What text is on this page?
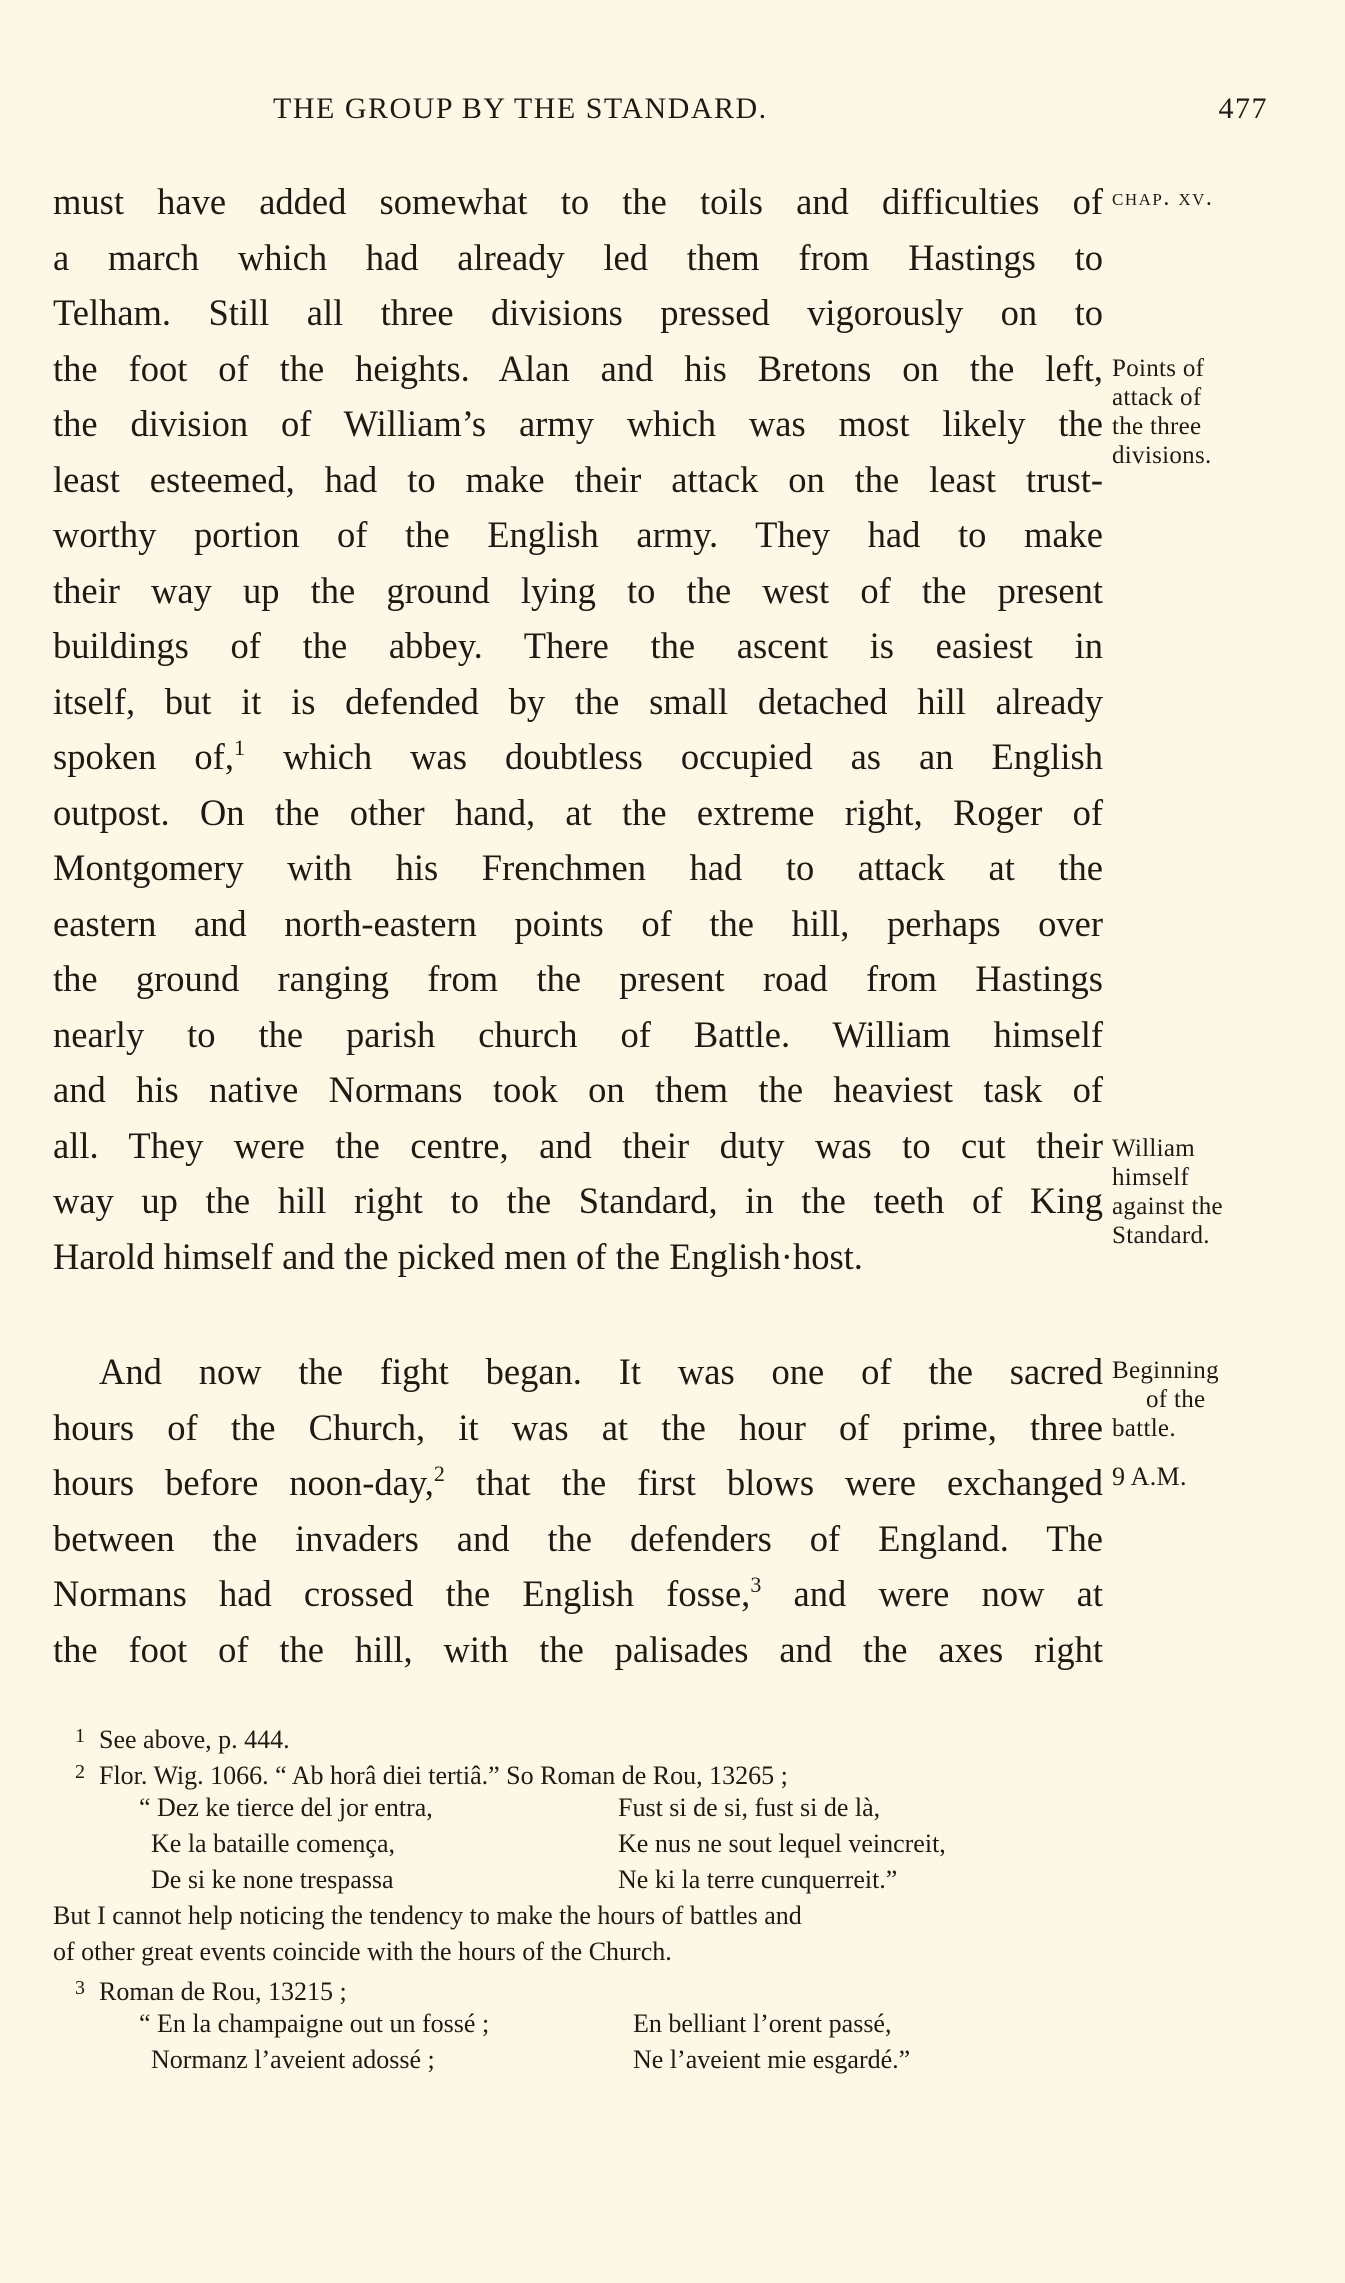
THE GROUP BY THE STANDARD.	477
must have added somewhat to the toils and difficulties of
a march which had already led them from Hastings to
Telham. Still all three divisions pressed vigorously on to
the foot of the heights. Alan and his Bretons on the left,
the division of William’s army which was most likely the
least esteemed, had to make their attack on the least trust-
worthy portion of the English army. They had to make
their way up the ground lying to the west of the present
buildings of the abbey. There the ascent is easiest in
itself, but it is defended by the small detached hill already
spoken of,$^1$ which was doubtless occupied as an English
outpost. On the other hand, at the extreme right, Roger of
Montgomery with his Frenchmen had to attack at the
eastern and north-eastern points of the hill, perhaps over
the ground ranging from the present road from Hastings
nearly to the parish church of Battle. William himself
and his native Normans took on them the heaviest task of
all. They were the centre, and their duty was to cut their
way up the hill right to the Standard, in the teeth of King
Harold himself and the picked men of the English·host.
And now the fight began. It was one of the sacred
hours of the Church, it was at the hour of prime, three
hours before noon-day,$^2$ that the first blows were exchanged
between the invaders and the defenders of England. The
Normans had crossed the English fosse,$^3$ and were now at
the foot of the hill, with the palisades and the axes right
chap. xv.
Points of
attack of
the three
divisions.
William
himself
against the
Standard.
Beginning
of the
battle.
9 A.M.
1 See above, p. 444.
2 Flor. Wig. 1066. “ Ab horâ diei tertiâ.” So Roman de Rou, 13265 ;
“ Dez ke tierce del jor entra,	Fust si de si, fust si de là,
Ke la bataille comença,	Ke nus ne sout lequel veincreit,
De si ke none trespassa	Ne ki la terre cunquerreit.”
But I cannot help noticing the tendency to make the hours of battles and
of other great events coincide with the hours of the Church.
3 Roman de Rou, 13215 ;
“ En la champaigne out un fossé ;	En belliant l’orent passé,
Normanz l’aveient adossé ;	Ne l’aveient mie esgardé.”
